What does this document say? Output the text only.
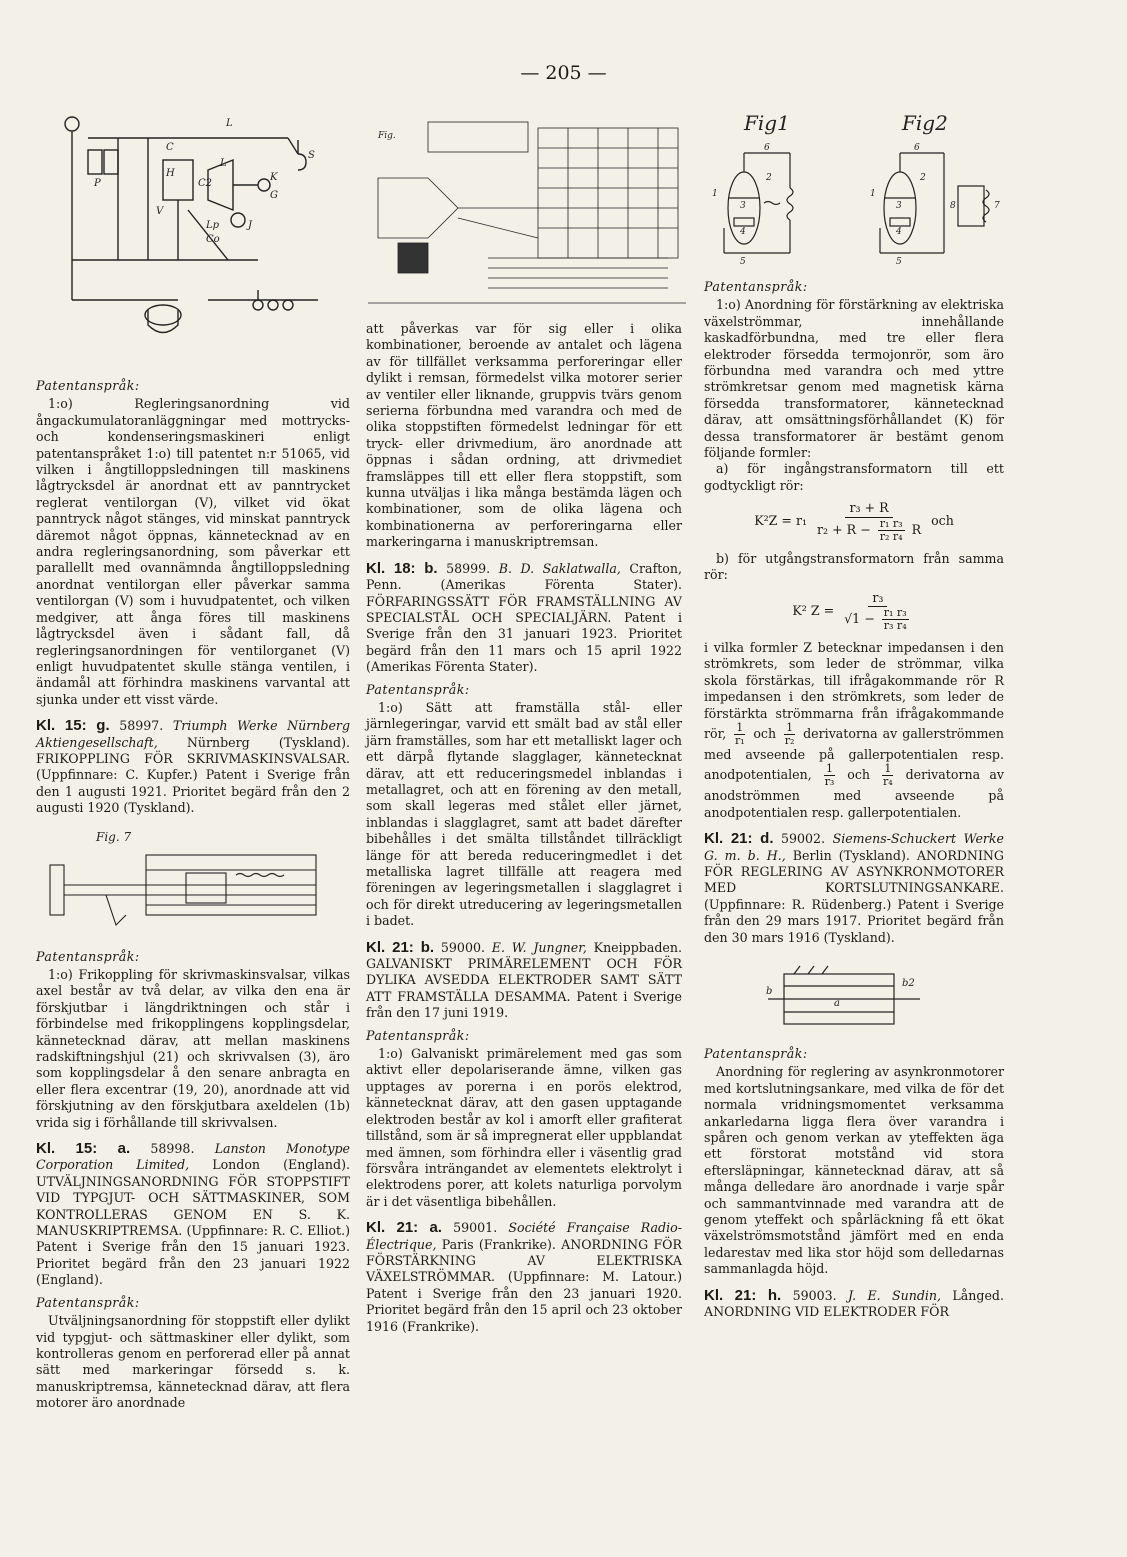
— 205 —
L
S
C
H
L
C2
K
G
V
Lp
Co
J
P
Fig.
Fig1	Fig2
6
2
1
3
4
5
6
1
3
2
8	7
4
5

Patentanspråk:

1:o) Regleringsanordning vid ångackumulatoranläggningar med mottrycks- och kondenseringsmaskineri enligt patentanspråket 1:o) till patentet n:r 51065, vid vilken i ångtilloppsledningen till maskinens lågtrycksdel är anordnat ett av panntrycket reglerat ventilorgan (V), vilket vid ökat panntryck något stänges, vid minskat panntryck däremot något öppnas, kännetecknad av en andra regleringsanordning, som påverkar ett parallellt med ovannämnda ångtilloppsledning anordnat ventilorgan eller påverkar samma ventilorgan (V) som i huvudpatentet, och vilken medgiver, att ånga föres till maskinens lågtrycksdel även i sådant fall, då regleringsanordningen för ventilorganet (V) enligt huvudpatentet skulle stänga ventilen, i ändamål att förhindra maskinens varvantal att sjunka under ett visst värde.

Kl. 15: g. 58997. Triumph Werke Nürnberg Aktiengesellschaft, Nürnberg (Tyskland). FRIKOPPLING FÖR SKRIVMASKINSVALSAR. (Uppfinnare: C. Kupfer.) Patent i Sverige från den 1 augusti 1921. Prioritet begärd från den 2 augusti 1920 (Tyskland).

Fig. 7

Patentanspråk:

1:o) Frikoppling för skrivmaskinsvalsar, vilkas axel består av två delar, av vilka den ena är förskjutbar i längdriktningen och står i förbindelse med frikopplingens kopplingsdelar, kännetecknad därav, att mellan maskinens radskiftningshjul (21) och skrivvalsen (3), äro som kopplingsdelar å den senare anbragta en eller flera excentrar (19, 20), anordnade att vid förskjutning av den förskjutbara axeldelen (1b) vrida sig i förhållande till skrivvalsen.

Kl. 15: a. 58998. Lanston Monotype Corporation Limited, London (England). UTVÄLJNINGSANORDNING FÖR STOPPSTIFT VID TYPGJUT- OCH SÄTTMASKINER, SOM KONTROLLERAS GENOM EN S. K. MANUSKRIPTREMSA. (Uppfinnare: R. C. Elliot.) Patent i Sverige från den 15 januari 1923. Prioritet begärd från den 23 januari 1922 (England).

Patentanspråk:

Utväljningsanordning för stoppstift eller dylikt vid typgjut- och sättmaskiner eller dylikt, som kontrolleras genom en perforerad eller på annat sätt med markeringar försedd s. k. manuskriptremsa, kännetecknad därav, att flera motorer äro anordnade

att påverkas var för sig eller i olika kombinationer, beroende av antalet och lägena av för tillfället verksamma perforeringar eller dylikt i remsan, förmedelst vilka motorer serier av ventiler eller liknande, gruppvis tvärs genom serierna förbundna med varandra och med de olika stoppstiften förmedelst ledningar för ett tryck- eller drivmedium, äro anordnade att öppnas i sådan ordning, att drivmediet framsläppes till ett eller flera stoppstift, som kunna utväljas i lika många bestämda lägen och kombinationer, som de olika lägena och kombinationerna av perforeringarna eller markeringarna i manuskriptremsan.

Kl. 18: b. 58999. B. D. Saklatwalla, Crafton, Penn. (Amerikas Förenta Stater). FÖRFARINGSSÄTT FÖR FRAMSTÄLLNING AV SPECIALSTÅL OCH SPECIALJÄRN. Patent i Sverige från den 31 januari 1923. Prioritet begärd från den 11 mars och 15 april 1922 (Amerikas Förenta Stater).

Patentanspråk:

1:o) Sätt att framställa stål- eller järnlegeringar, varvid ett smält bad av stål eller järn framställes, som har ett metalliskt lager och ett därpå flytande slagglager, kännetecknat därav, att ett reduceringsmedel inblandas i metallagret, och att en förening av den metall, som skall legeras med stålet eller järnet, inblandas i slagglagret, samt att badet därefter bibehålles i det smälta tillståndet tillräckligt länge för att bereda reduceringmedlet i det metalliska lagret tillfälle att reagera med föreningen av legeringsmetallen i slagglagret i och för direkt utreducering av legeringsmetallen i badet.

Kl. 21: b. 59000. E. W. Jungner, Kneippbaden. GALVANISKT PRIMÄRELEMENT OCH FÖR DYLIKA AVSEDDA ELEKTRODER SAMT SÄTT ATT FRAMSTÄLLA DESAMMA. Patent i Sverige från den 17 juni 1919.

Patentanspråk:

1:o) Galvaniskt primärelement med gas som aktivt eller depolariserande ämne, vilken gas upptages av porerna i en porös elektrod, kännetecknat därav, att den gasen upptagande elektroden består av kol i amorft eller grafiterat tillstånd, som är så impregnerat eller uppblandat med ämnen, som förhindra eller i väsentlig grad försvåra inträngandet av elementets elektrolyt i elektrodens porer, att kolets naturliga porvolym är i det väsentliga bibehållen.

Kl. 21: a. 59001. Société Française Radio-Électrique, Paris (Frankrike). ANORDNING FÖR FÖRSTÄRKNING AV ELEKTRISKA VÄXELSTRÖMMAR. (Uppfinnare: M. Latour.) Patent i Sverige från den 23 januari 1920. Prioritet begärd från den 15 april och 23 oktober 1916 (Frankrike).

Patentanspråk:

1:o) Anordning för förstärkning av elektriska växelströmmar, innehållande kaskadförbundna, med tre eller flera elektroder försedda termojonrör, som äro förbundna med varandra och med yttre strömkretsar genom med magnetisk kärna försedda transformatorer, kännetecknad därav, att omsättningsförhållandet (K) för dessa transformatorer är bestämt genom följande formler:

a) för ingångstransformatorn till ett godtyckligt rör:

K²Z = r₁
r₃ + R
$r_2 + R - \frac{\text{r₁ r₃}}{\text{r₂ r₄}}$ R
och

b) för utgångstransformatorn från samma rör:

K² $Z = \frac{\text{r₃}}{√1 - \frac{\text{r₁ r₃}}{\text{r₃ r₄}}}$

i vilka formler Z betecknar impedansen i den strömkrets, som leder de strömmar, vilka skola förstärkas, till ifrågakommande rör R impedansen i den strömkrets, som leder de förstärkta strömmarna från ifrågakommande rör, $\frac{1}{\text{r₁}}$ och $\frac{1}{\text{r₂}}$ derivatorna av gallerströmmen med avseende på gallerpotentialen resp. anodpotentialen, $\frac{1}{\text{r₃}}$ och $\frac{1}{\text{r₄}}$ derivatorna av anodströmmen med avseende på anodpotentialen resp. gallerpotentialen.

Kl. 21: d. 59002. Siemens-Schuckert Werke G. m. b. H., Berlin (Tyskland). ANORDNING FÖR REGLERING AV ASYNKRONMOTORER MED KORTSLUTNINGSANKARE. (Uppfinnare: R. Rüdenberg.) Patent i Sverige från den 29 mars 1917. Prioritet begärd från den 30 mars 1916 (Tyskland).

b
a
b2

Patentanspråk:

Anordning för reglering av asynkronmotorer med kortslutningsankare, med vilka de för det normala vridningsmomentet verksamma ankarledarna ligga flera över varandra i spåren och genom verkan av yteffekten äga ett förstorat motstånd vid stora eftersläpningar, kännetecknad därav, att så många delledare äro anordnade i varje spår och sammantvinnade med varandra att de genom yteffekt och spårläckning få ett ökat växelströmsmotstånd jämfört med en enda ledarestav med lika stor höjd som delledarnas sammanlagda höjd.

Kl. 21: h. 59003. J. E. Sundin, Långed. ANORDNING VID ELEKTRODER FÖR
